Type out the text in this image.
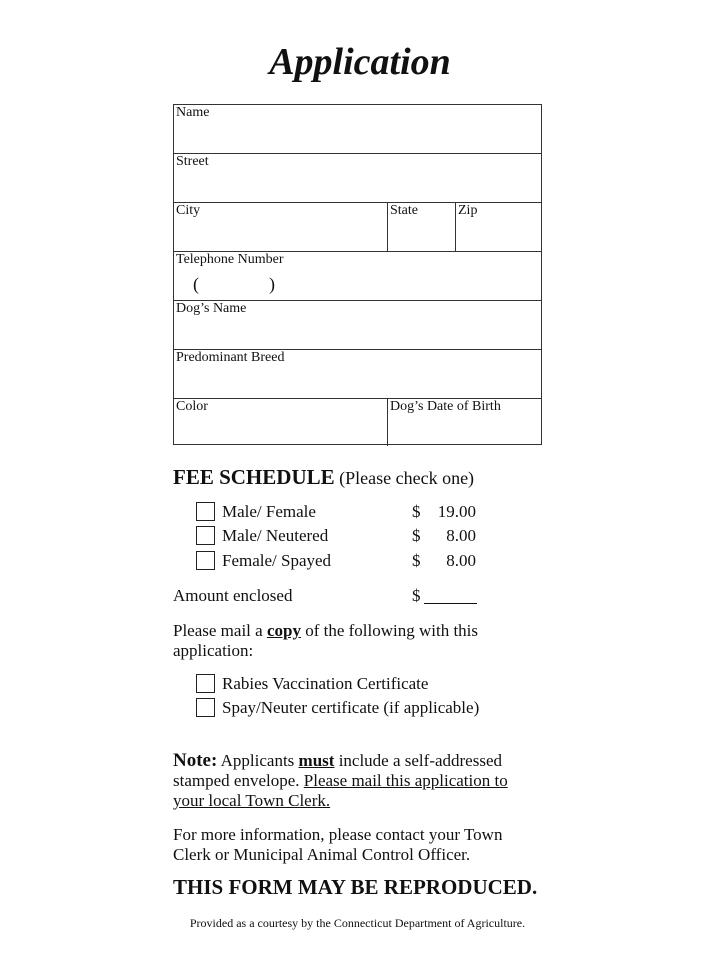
Application
Name
Street
City	State	Zip
Telephone Number
(	)
Dog’s Name
Predominant Breed
Color	Dog’s Date of Birth
FEE SCHEDULE (Please check one)
Male/ Female	$ 19.00
Male/ Neutered	$ 8.00
Female/ Spayed	$ 8.00
Amount enclosed	$
Please mail a copy of the following with this application:
Rabies Vaccination Certificate
Spay/Neuter certificate (if applicable)
Note: Applicants must include a self-addressed stamped envelope. Please mail this application to your local Town Clerk.
For more information, please contact your Town Clerk or Municipal Animal Control Officer.
THIS FORM MAY BE REPRODUCED.
Provided as a courtesy by the Connecticut Department of Agriculture.
